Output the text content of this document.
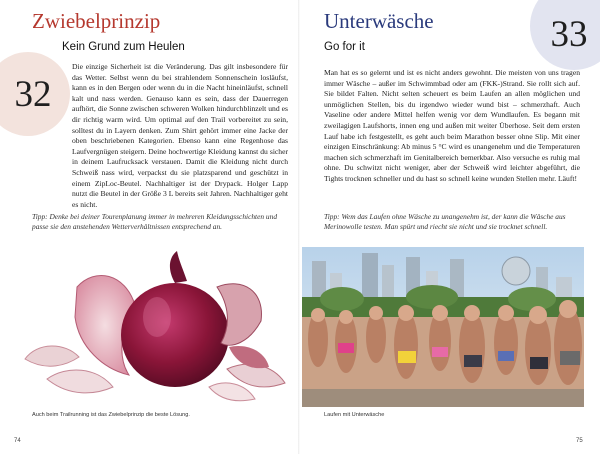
Zwiebelprinzip
Kein Grund zum Heulen
32

Die einzige Sicherheit ist die Veränderung. Das gilt insbesondere für das Wetter. Selbst wenn du bei strahlendem Sonnenschein losläufst, kann es in den Bergen oder wenn du in die Nacht hineinläufst, schnell kalt und nass werden. Genauso kann es sein, dass der Dauerregen aufhört, die Sonne zwischen schweren Wolken hindurchblinzelt und es dir richtig warm wird. Um optimal auf den Trail vorbereitet zu sein, solltest du in Layern denken. Zum Shirt gehört immer eine Jacke der oben beschriebenen Kategorien. Ebenso kann eine Regenhose das Laufvergnügen steigern. Deine hochwertige Kleidung kannst du sicher in deinem Laufrucksack verstauen. Damit die Kleidung nicht durch Schweiß nass wird, verpackst du sie platzsparend und geschützt in einem ZipLoc-Beutel. Nachhaltiger ist der Drypack. Holger Lapp nutzt die Beutel in der Größe 3 L bereits seit Jahren. Nachhaltiger geht es nicht.

Tipp: Denke bei deiner Tourenplanung immer in mehreren Kleidungsschichten und passe sie den anstehenden Wetterverhältnissen entsprechend an.

Auch beim Trailrunning ist das Zwiebelprinzip die beste Lösung.
74
Unterwäsche
Go for it	33

Man hat es so gelernt und ist es nicht anders gewohnt. Die meisten von uns tragen immer Wäsche – außer im Schwimmbad oder am (FKK-)Strand. Sie rollt sich auf. Sie bildet Falten. Nicht selten scheuert es beim Laufen an allen möglichen und unmöglichen Stellen, bis du irgendwo wieder wund bist – schmerzhaft. Auch Vaseline oder andere Mittel helfen wenig vor dem Wundlaufen. Es begann mit zweilagigen Laufshorts, innen eng und außen mit weiter Überhose. Seit dem ersten Lauf habe ich festgestellt, es geht auch beim Marathon besser ohne Slip. Mit einer einzigen Einschränkung: Ab minus 5 °C wird es unangenehm und die Temperaturen machen sich schmerzhaft im Genitalbereich bemerkbar. Also versuche es ruhig mal ohne. Du schwitzt nicht weniger, aber der Schweiß wird leichter abgeführt, die Tights trocknen schneller und du hast so schnell keine wunden Stellen mehr. Läuft!

Tipp: Wem das Laufen ohne Wäsche zu unangenehm ist, der kann die Wäsche aus Merinowolle testen. Man spürt und riecht sie nicht und sie trocknet schnell.

Laufen mit Unterwäsche
75
